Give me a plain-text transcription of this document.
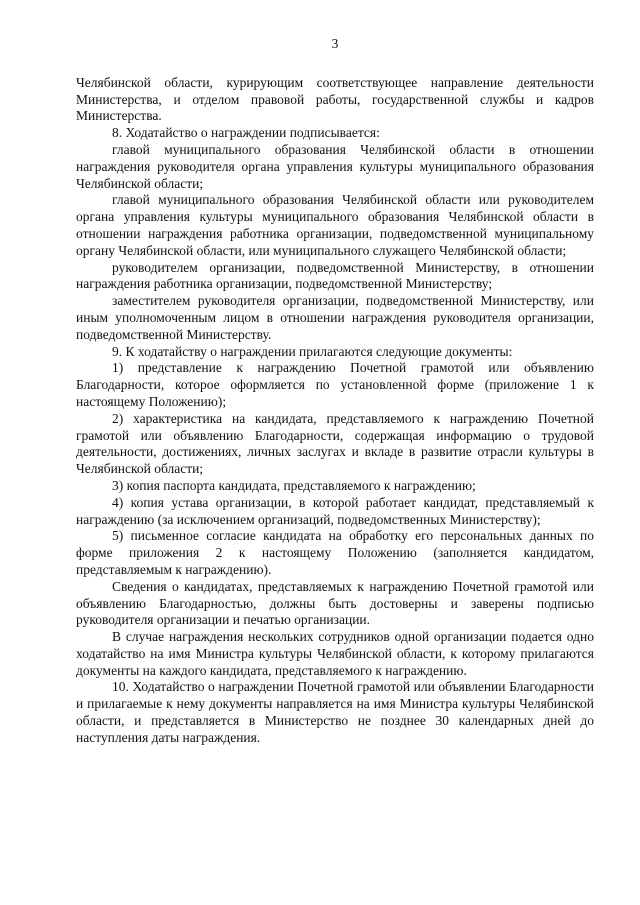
3

Челябинской области, курирующим соответствующее направление деятельности Министерства, и отделом правовой работы, государственной службы и кадров Министерства.

8. Ходатайство о награждении подписывается:

главой муниципального образования Челябинской области в отношении награждения руководителя органа управления культуры муниципального образования Челябинской области;

главой муниципального образования Челябинской области или руководителем органа управления культуры муниципального образования Челябинской области в отношении награждения работника организации, подведомственной муниципальному органу Челябинской области, или муниципального служащего Челябинской области;

руководителем организации, подведомственной Министерству, в отношении награждения работника организации, подведомственной Министерству;

заместителем руководителя организации, подведомственной Министерству, или иным уполномоченным лицом в отношении награждения руководителя организации, подведомственной Министерству.

9. К ходатайству о награждении прилагаются следующие документы:

1) представление к награждению Почетной грамотой или объявлению Благодарности, которое оформляется по установленной форме (приложение 1 к настоящему Положению);

2) характеристика на кандидата, представляемого к награждению Почетной грамотой или объявлению Благодарности, содержащая информацию о трудовой деятельности, достижениях, личных заслугах и вкладе в развитие отрасли культуры в Челябинской области;

3) копия паспорта кандидата, представляемого к награждению;

4) копия устава организации, в которой работает кандидат, представляемый к награждению (за исключением организаций, подведомственных Министерству);

5) письменное согласие кандидата на обработку его персональных данных по форме приложения 2 к настоящему Положению (заполняется кандидатом, представляемым к награждению).

Сведения о кандидатах, представляемых к награждению Почетной грамотой или объявлению Благодарностью, должны быть достоверны и заверены подписью руководителя организации и печатью организации.

В случае награждения нескольких сотрудников одной организации подается одно ходатайство на имя Министра культуры Челябинской области, к которому прилагаются документы на каждого кандидата, представляемого к награждению.

10. Ходатайство о награждении Почетной грамотой или объявлении Благодарности и прилагаемые к нему документы направляется на имя Министра культуры Челябинской области, и представляется в Министерство не позднее 30 календарных дней до наступления даты награждения.
